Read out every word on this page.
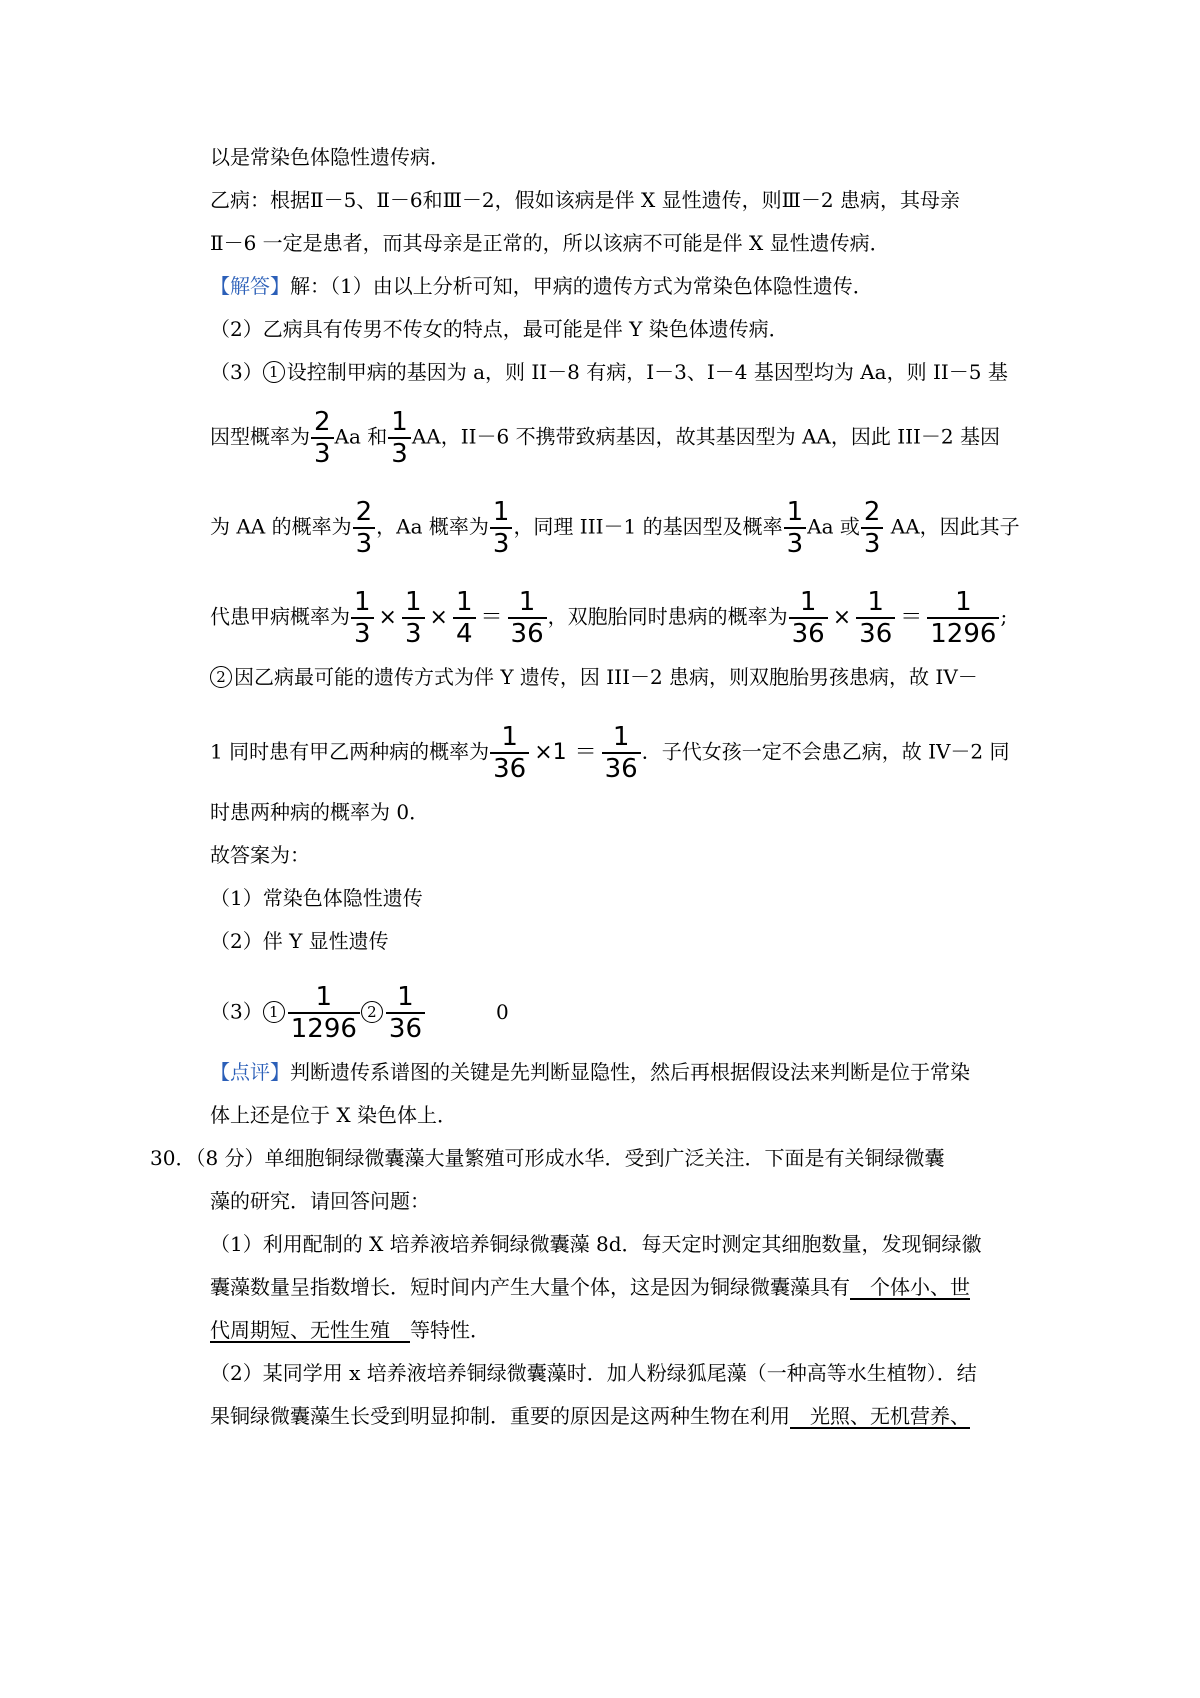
以是常染色体隐性遗传病．
乙病：根据Ⅱ－5、Ⅱ－6和Ⅲ－2，假如该病是伴 X 显性遗传，则Ⅲ－2 患病，其母亲
Ⅱ－6 一定是患者，而其母亲是正常的，所以该病不可能是伴 X 显性遗传病．
【解答】解：（1）由以上分析可知，甲病的遗传方式为常染色体隐性遗传．
（2）乙病具有传男不传女的特点，最可能是伴 Y 染色体遗传病．
（3） 1 设控制甲病的基因为 a，则 II－8 有病，I－3、I－4 基因型均为 Aa，则 II－5 基
因型概率为 $\frac{2}{3}$ Aa 和 $\frac{1}{3}$ AA，II－6 不携带致病基因，故其基因型为 AA，因此 III－2 基因
为 AA 的概率为 $\frac{2}{3}$ ，Aa 概率为 $\frac{1}{3}$ ，同理 III－1 的基因型及概率 $\frac{1}{3}$ Aa 或 $\frac{2}{3}$ AA，因此其子
代患甲病概率为 $\frac{1}{3} \times \frac{1}{3} \times \frac{1}{4} = \frac{1}{36}$ ，双胞胎同时患病的概率为 $\frac{1}{36} \times \frac{1}{36} = \frac{1}{1296}$ ;
2 因乙病最可能的遗传方式为伴 Y 遗传，因 III－2 患病，则双胞胎男孩患病，故 IV－
1 同时患有甲乙两种病的概率为 $\frac{1}{36} \times 1 = \frac{1}{36}$ ．子代女孩一定不会患乙病，故 IV－2 同
时患两种病的概率为 0．
故答案为：
（1）常染色体隐性遗传
（2）伴 Y 显性遗传
（3） $1 \frac{1}{1296} 2 \frac{1}{36}$	0
【点评】判断遗传系谱图的关键是先判断显隐性，然后再根据假设法来判断是位于常染
体上还是位于 X 染色体上．
30．（8 分）单细胞铜绿微囊藻大量繁殖可形成水华．受到广泛关注．下面是有关铜绿微囊
藻的研究．请回答问题：
（1）利用配制的 X 培养液培养铜绿微囊藻 8d．每天定时测定其细胞数量，发现铜绿徽
囊藻数量呈指数增长．短时间内产生大量个体，这是因为铜绿微囊藻具有　个体小、世
代周期短、无性生殖　等特性．
（2）某同学用 x 培养液培养铜绿微囊藻时．加人粉绿狐尾藻（一种高等水生植物）．结
果铜绿微囊藻生长受到明显抑制．重要的原因是这两种生物在利用　光照、无机营养、
